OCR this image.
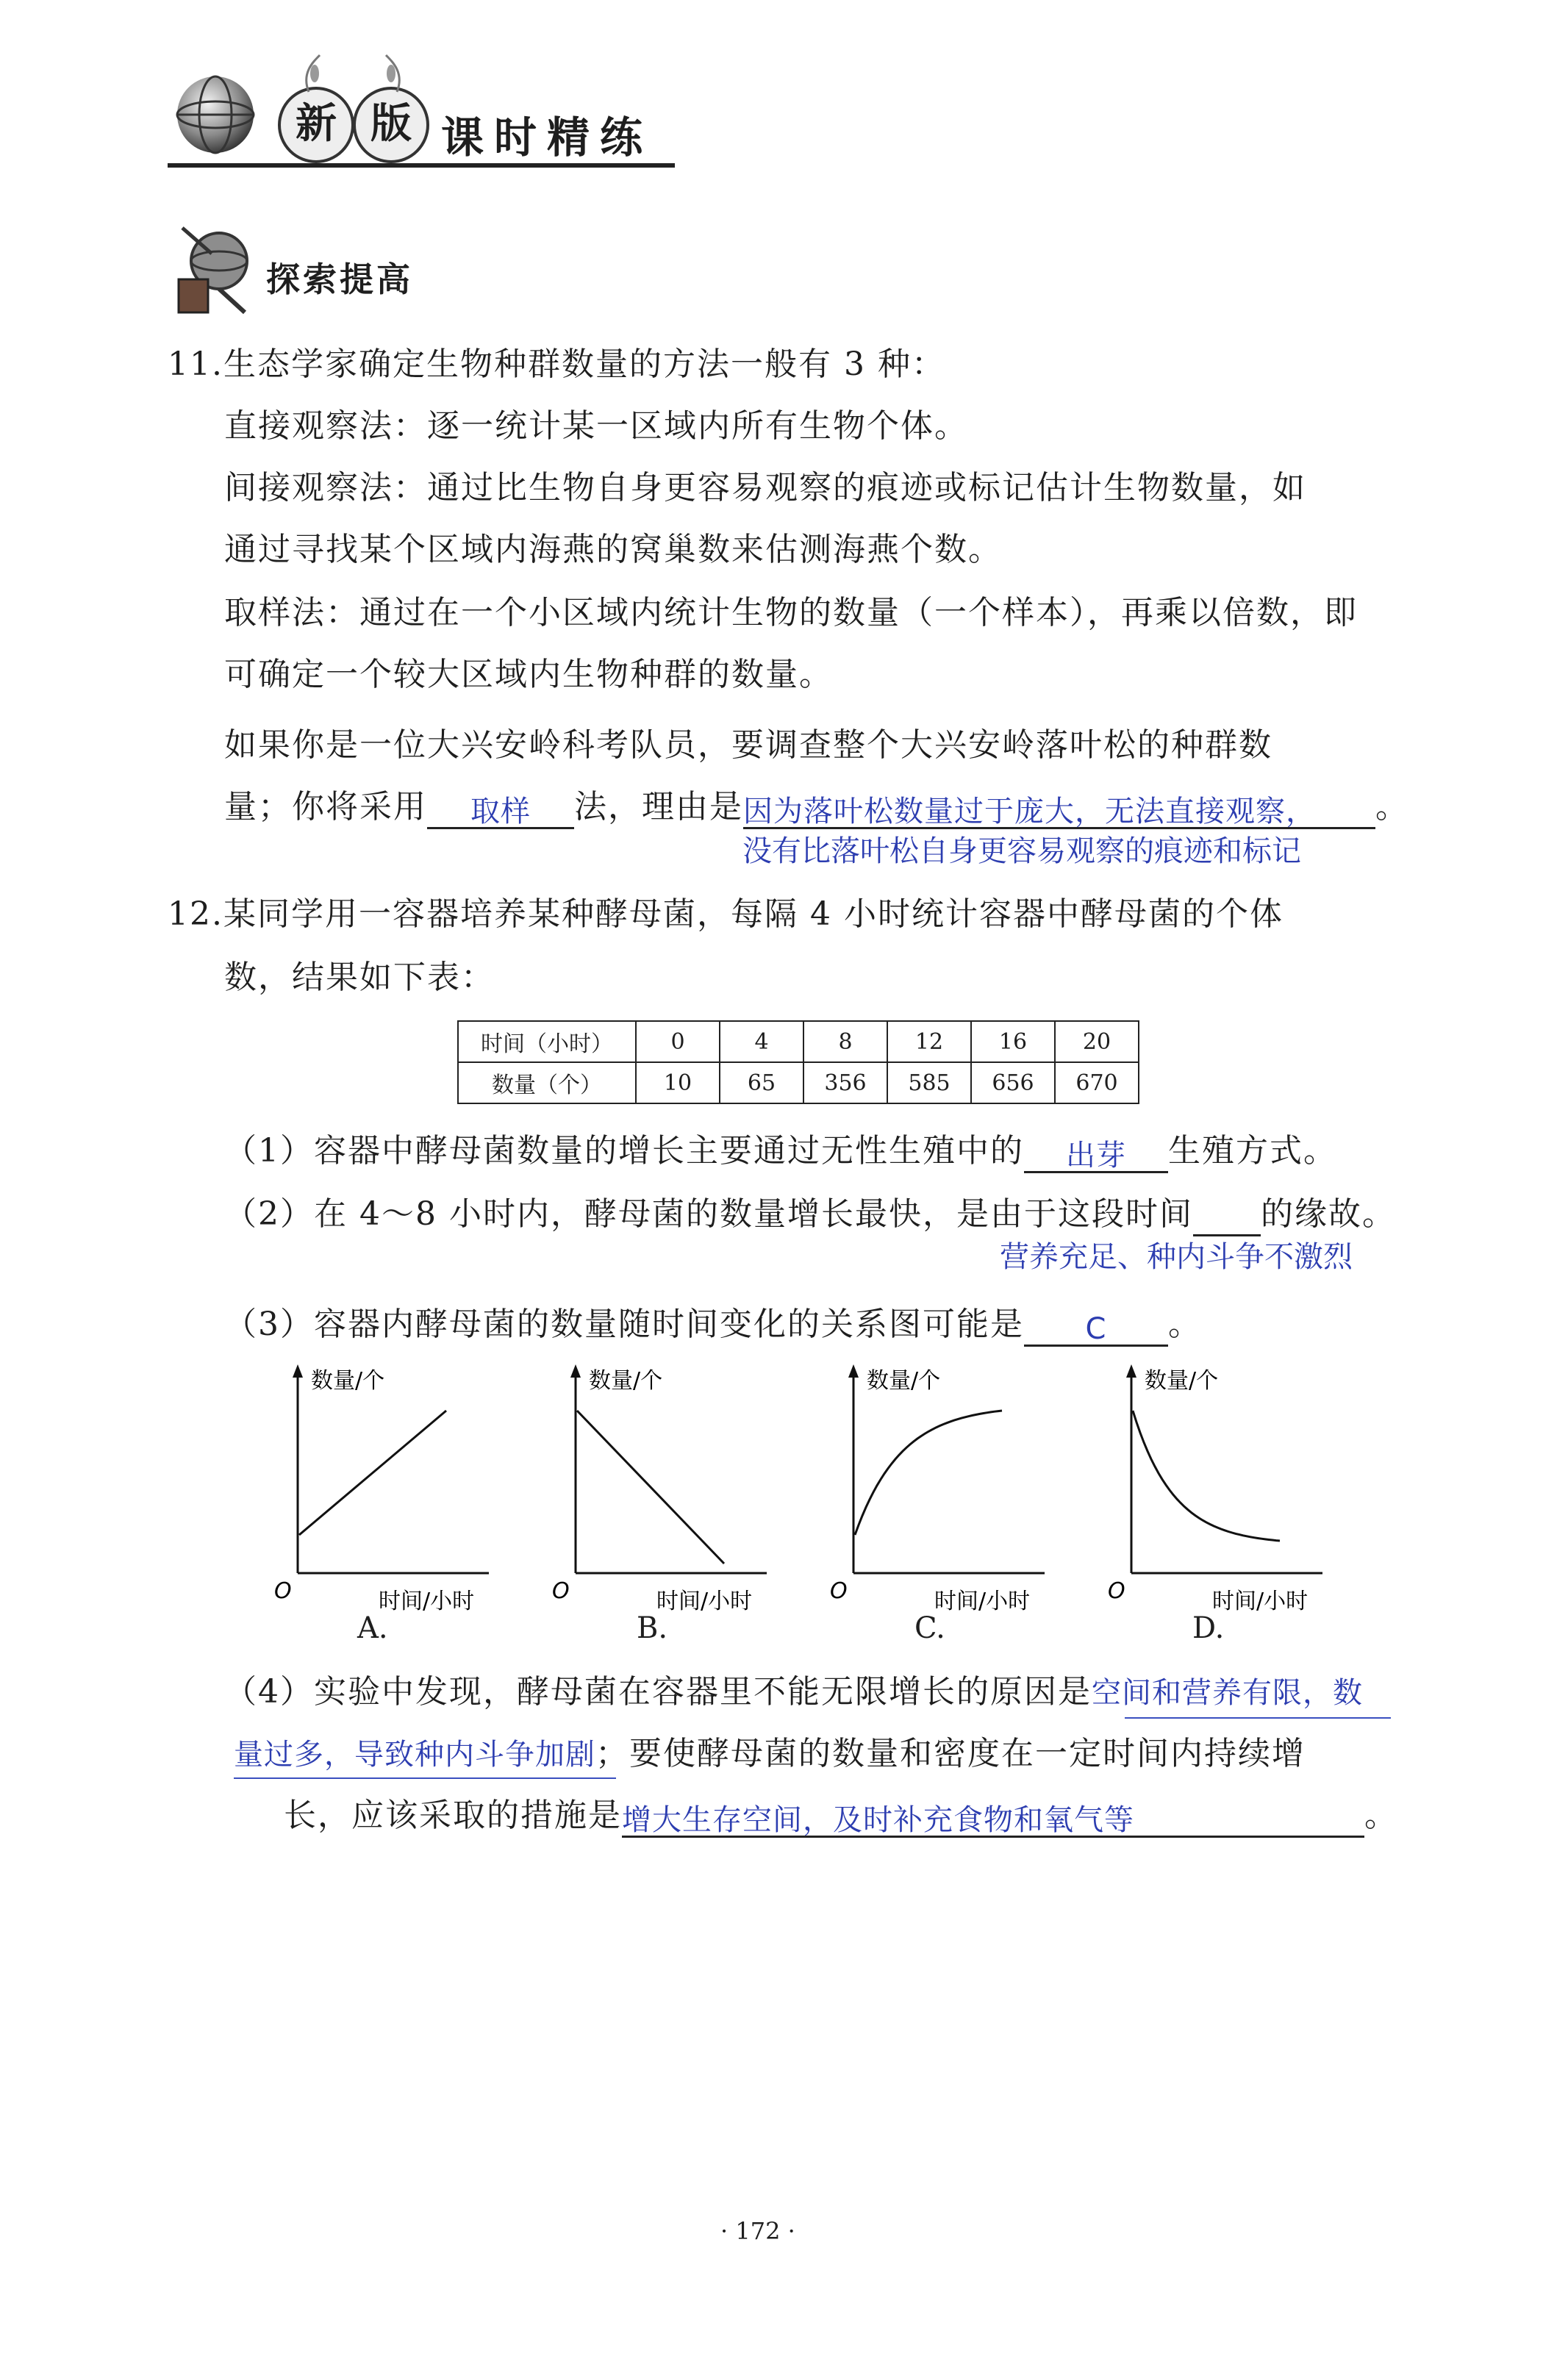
新 版 课时精练
探索提高
11.生态学家确定生物种群数量的方法一般有 3 种：
直接观察法：逐一统计某一区域内所有生物个体。
间接观察法：通过比生物自身更容易观察的痕迹或标记估计生物数量，如
通过寻找某个区域内海燕的窝巢数来估测海燕个数。
取样法：通过在一个小区域内统计生物的数量（一个样本），再乘以倍数，即
可确定一个较大区域内生物种群的数量。
如果你是一位大兴安岭科考队员，要调查整个大兴安岭落叶松的种群数
量；你将采用 取样 法，理由是因为落叶松数量过于庞大，无法直接观察， 。
没有比落叶松自身更容易观察的痕迹和标记
12.某同学用一容器培养某种酵母菌，每隔 4 小时统计容器中酵母菌的个体
数，结果如下表：
时间（小时）	0	4	8	12	16	20
数量（个）	10	65	356	585	656	670
（1）容器中酵母菌数量的增长主要通过无性生殖中的 出芽 生殖方式。
（2）在 4～8 小时内，酵母菌的数量增长最快，是由于这段时间 的缘故。
营养充足、种内斗争不激烈
（3）容器内酵母菌的数量随时间变化的关系图可能是 C 。
数量/个
时间/小时
O
数量/个
时间/小时
O
数量/个
时间/小时
O
数量/个
时间/小时
O
A.	B.	C.	D.
（4）实验中发现，酵母菌在容器里不能无限增长的原因是空间和营养有限，数
量过多，导致种内斗争加剧；要使酵母菌的数量和密度在一定时间内持续增
长，应该采取的措施是增大生存空间，及时补充食物和氧气等	。
· 172 ·
